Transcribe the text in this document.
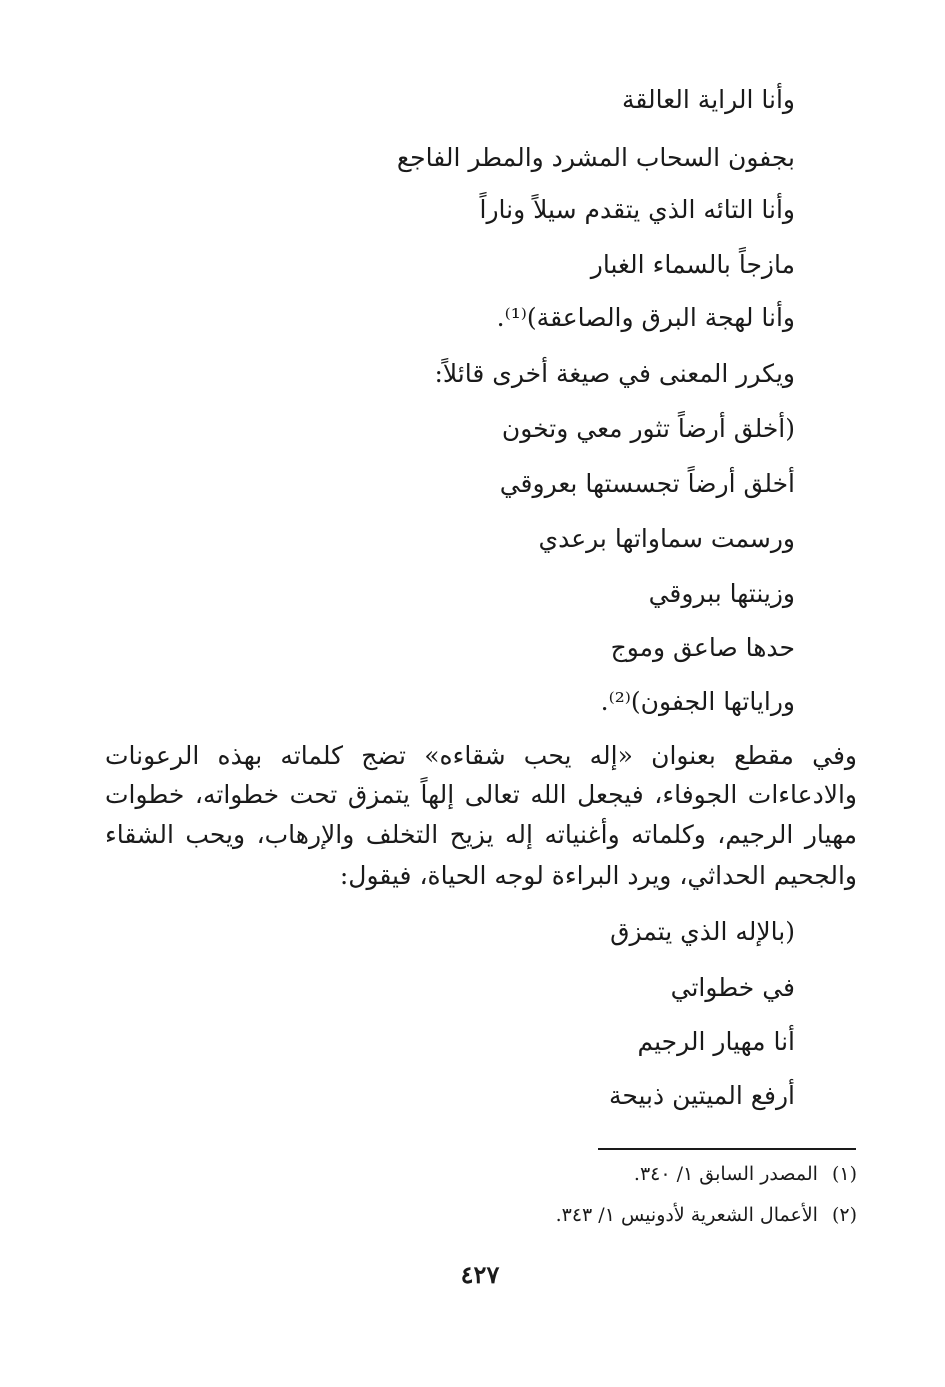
وأنا الراية العالقة
بجفون السحاب المشرد والمطر الفاجع
وأنا التائه الذي يتقدم سيلاً وناراً
مازجاً بالسماء الغبار
وأنا لهجة البرق والصاعقة)⁽¹⁾.
ويكرر المعنى في صيغة أخرى قائلاً:
(أخلق أرضاً تثور معي وتخون
أخلق أرضاً تجسستها بعروقي
ورسمت سماواتها برعدي
وزينتها ببروقي
حدها صاعق وموج
وراياتها الجفون)⁽²⁾.
وفي مقطع بعنوان «إله يحب شقاءه» تضج كلماته بهذه الرعونات
والادعاءات الجوفاء، فيجعل الله تعالى إلهاً يتمزق تحت خطواته، خطوات
مهيار الرجيم، وكلماته وأغنياته إله يزيح التخلف والإرهاب، ويحب الشقاء
والجحيم الحداثي، ويرد البراءة لوجه الحياة، فيقول:
(بالإله الذي يتمزق
في خطواتي
أنا مهيار الرجيم
أرفع الميتين ذبيحة
(١)المصدر السابق ١/ ٣٤٠.
(٢)الأعمال الشعرية لأدونيس ١/ ٣٤٣.
٤٢٧
